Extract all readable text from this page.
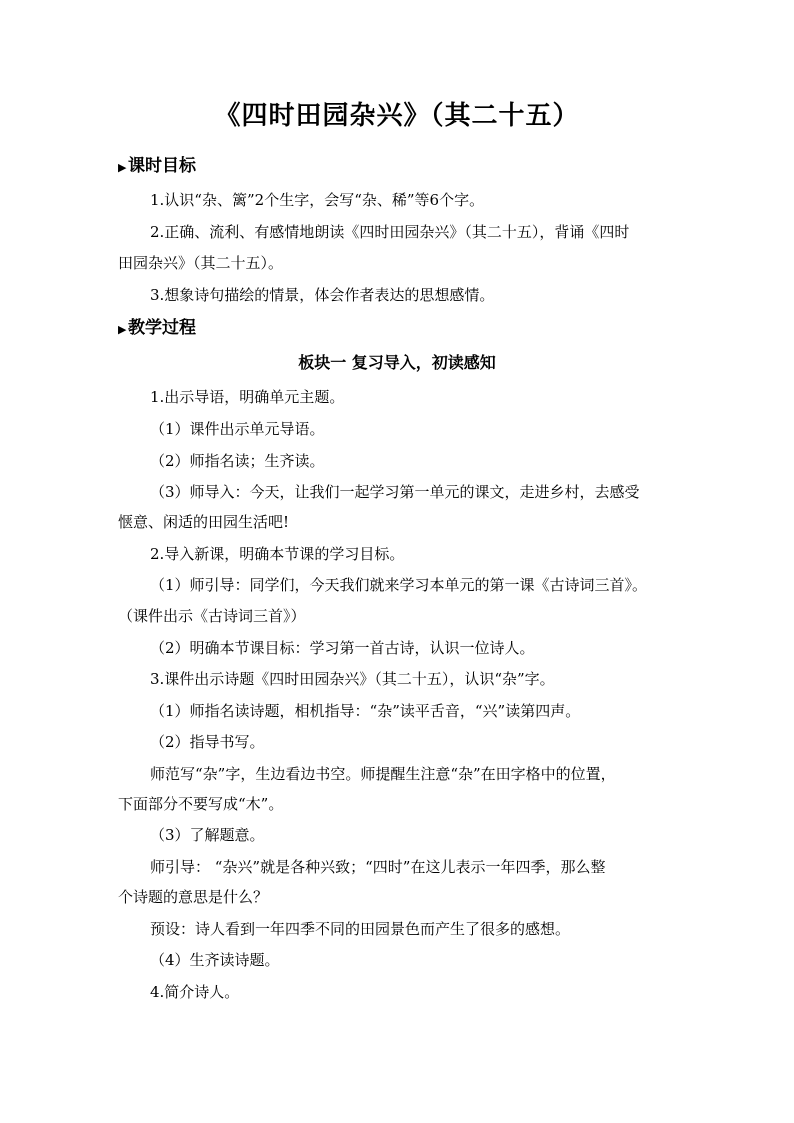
《四时田园杂兴》（其二十五）
▶课时目标
1.认识“杂、篱”2个生字，会写“杂、稀”等6个字。
2.正确、流利、有感情地朗读《四时田园杂兴》（其二十五），背诵《四时
田园杂兴》（其二十五）。
3.想象诗句描绘的情景，体会作者表达的思想感情。
▶教学过程
板块一 复习导入，初读感知
1.出示导语，明确单元主题。
（1）课件出示单元导语。
（2）师指名读；生齐读。
（3）师导入：今天，让我们一起学习第一单元的课文，走进乡村，去感受
惬意、闲适的田园生活吧!
2.导入新课，明确本节课的学习目标。
（1）师引导：同学们，今天我们就来学习本单元的第一课《古诗词三首》。
（课件出示《古诗词三首》）
（2）明确本节课目标：学习第一首古诗，认识一位诗人。
3.课件出示诗题《四时田园杂兴》（其二十五），认识“杂”字。
（1）师指名读诗题，相机指导：“杂”读平舌音，“兴”读第四声。
（2）指导书写。
师范写“杂”字，生边看边书空。师提醒生注意“杂”在田字格中的位置，
下面部分不要写成“木”。
（3）了解题意。
师引导： “杂兴”就是各种兴致；“四时”在这儿表示一年四季，那么整
个诗题的意思是什么？
预设：诗人看到一年四季不同的田园景色而产生了很多的感想。
（4）生齐读诗题。
4.简介诗人。
